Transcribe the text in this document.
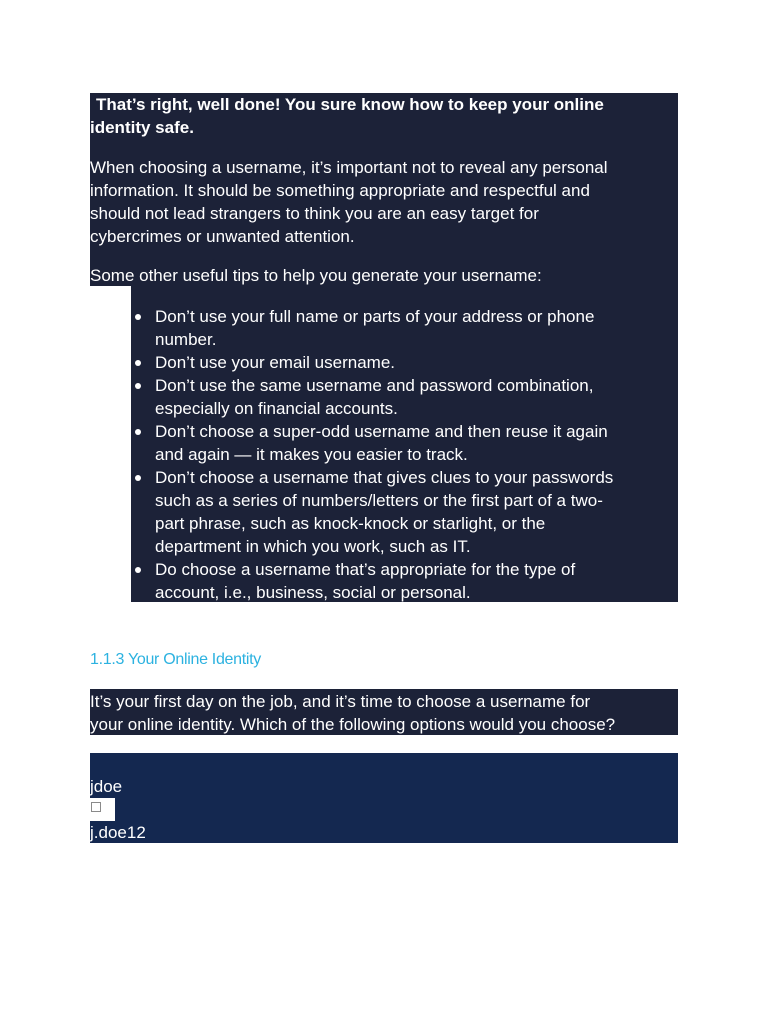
That’s right, well done! You sure know how to keep your online
identity safe.

When choosing a username, it’s important not to reveal any personal
information. It should be something appropriate and respectful and
should not lead strangers to think you are an easy target for
cybercrimes or unwanted attention.

Some other useful tips to help you generate your username:

Don’t use your full name or parts of your address or phone
number.
Don’t use your email username.
Don’t use the same username and password combination,
especially on financial accounts.
Don’t choose a super-odd username and then reuse it again
and again — it makes you easier to track.
Don’t choose a username that gives clues to your passwords
such as a series of numbers/letters or the first part of a two-
part phrase, such as knock-knock or starlight, or the
department in which you work, such as IT.
Do choose a username that’s appropriate for the type of
account, i.e., business, social or personal.
1.1.3 Your Online Identity

It’s your first day on the job, and it’s time to choose a username for
your online identity. Which of the following options would you choose?

jdoe
j.doe12
